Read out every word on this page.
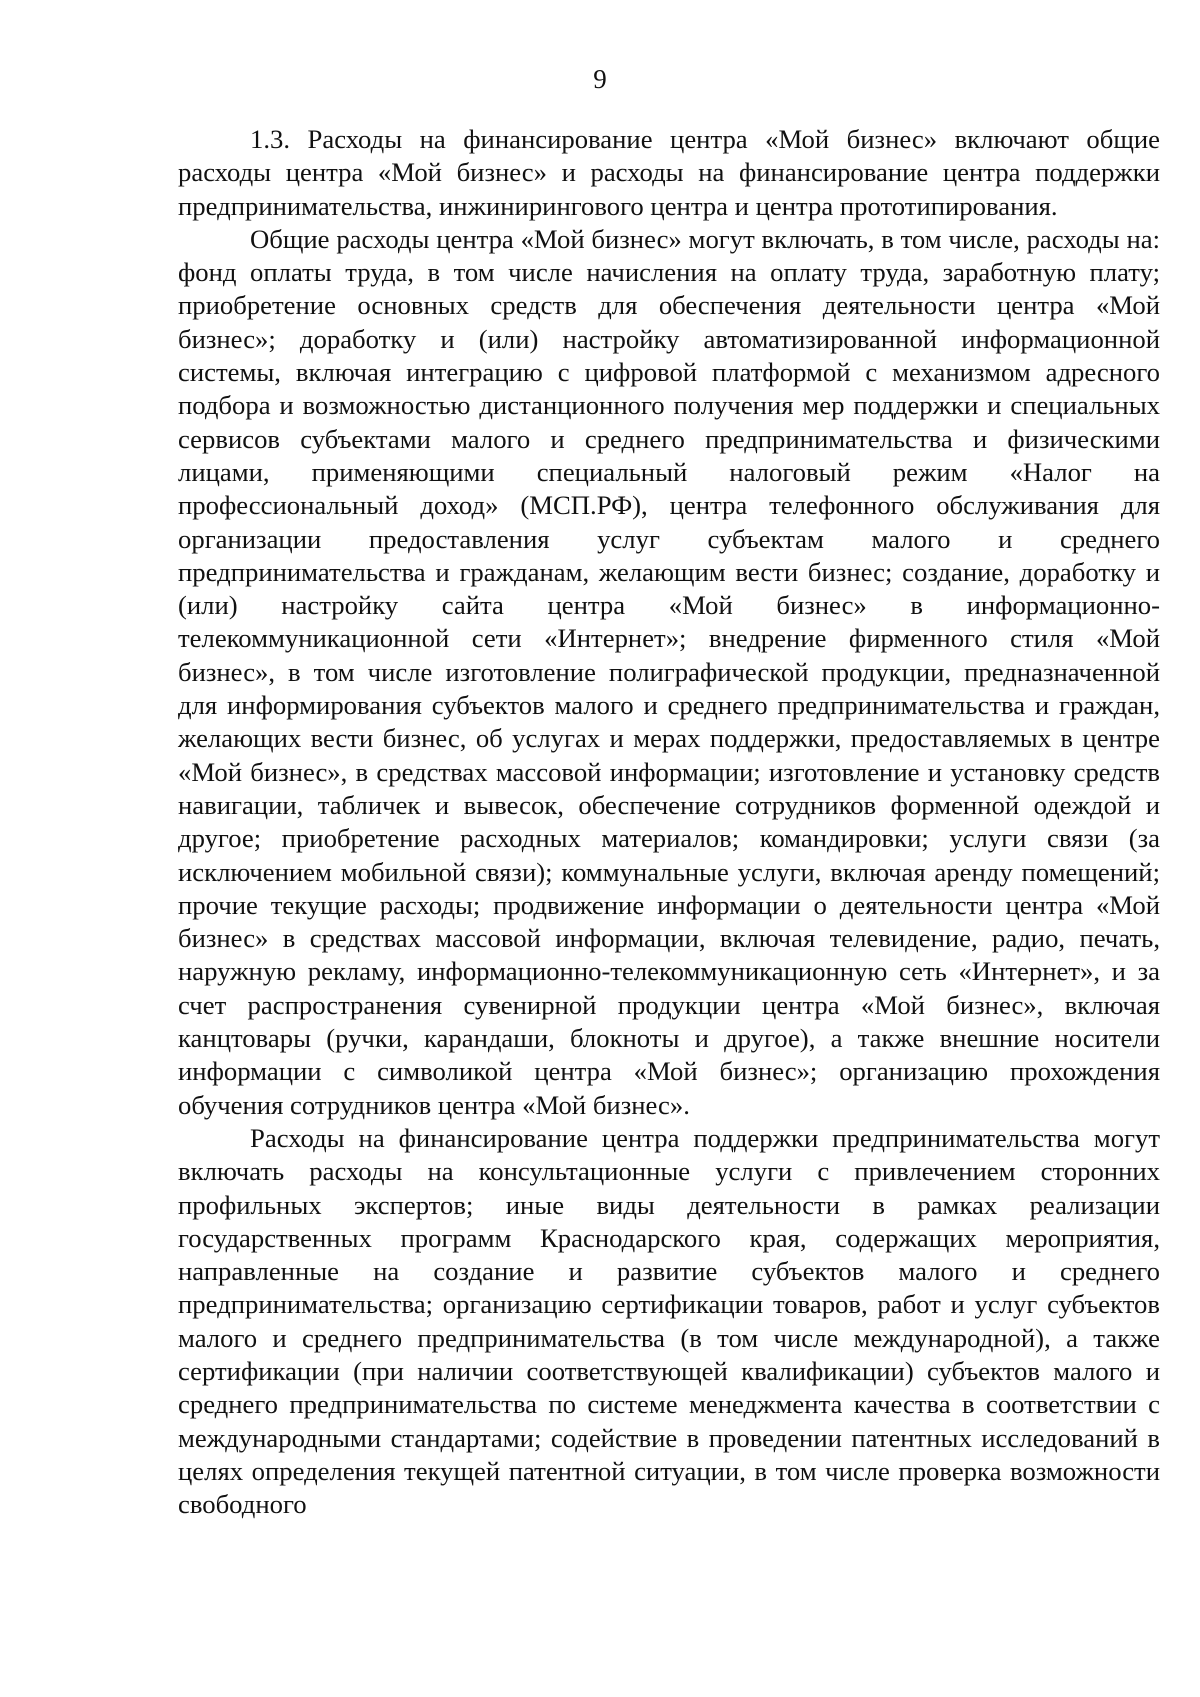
9

1.3. Расходы на финансирование центра «Мой бизнес» включают общие расходы центра «Мой бизнес» и расходы на финансирование центра поддержки предпринимательства, инжинирингового центра и центра прототипирования.

Общие расходы центра «Мой бизнес» могут включать, в том числе, расходы на: фонд оплаты труда, в том числе начисления на оплату труда, заработную плату; приобретение основных средств для обеспечения деятельности центра «Мой бизнес»; доработку и (или) настройку автоматизированной информационной системы, включая интеграцию с цифровой платформой с механизмом адресного подбора и возможностью дистанционного получения мер поддержки и специальных сервисов субъектами малого и среднего предпринимательства и физическими лицами, применяющими специальный налоговый режим «Налог на профессиональный доход» (МСП.РФ), центра телефонного обслуживания для организации предоставления услуг субъектам малого и среднего предпринимательства и гражданам, желающим вести бизнес; создание, доработку и (или) настройку сайта центра «Мой бизнес» в информационно-телекоммуникационной сети «Интернет»; внедрение фирменного стиля «Мой бизнес», в том числе изготовление полиграфической продукции, предназначенной для информирования субъектов малого и среднего предпринимательства и граждан, желающих вести бизнес, об услугах и мерах поддержки, предоставляемых в центре «Мой бизнес», в средствах массовой информации; изготовление и установку средств навигации, табличек и вывесок, обеспечение сотрудников форменной одеждой и другое; приобретение расходных материалов; командировки; услуги связи (за исключением мобильной связи); коммунальные услуги, включая аренду помещений; прочие текущие расходы; продвижение информации о деятельности центра «Мой бизнес» в средствах массовой информации, включая телевидение, радио, печать, наружную рекламу, информационно-телекоммуникационную сеть «Интернет», и за счет распространения сувенирной продукции центра «Мой бизнес», включая канцтовары (ручки, карандаши, блокноты и другое), а также внешние носители информации с символикой центра «Мой бизнес»; организацию прохождения обучения сотрудников центра «Мой бизнес».

Расходы на финансирование центра поддержки предпринимательства могут включать расходы на консультационные услуги с привлечением сторонних профильных экспертов; иные виды деятельности в рамках реализации государственных программ Краснодарского края, содержащих мероприятия, направленные на создание и развитие субъектов малого и среднего предпринимательства; организацию сертификации товаров, работ и услуг субъектов малого и среднего предпринимательства (в том числе международной), а также сертификации (при наличии соответствующей квалификации) субъектов малого и среднего предпринимательства по системе менеджмента качества в соответствии с международными стандартами; содействие в проведении патентных исследований в целях определения текущей патентной ситуации, в том числе проверка возможности свободного
